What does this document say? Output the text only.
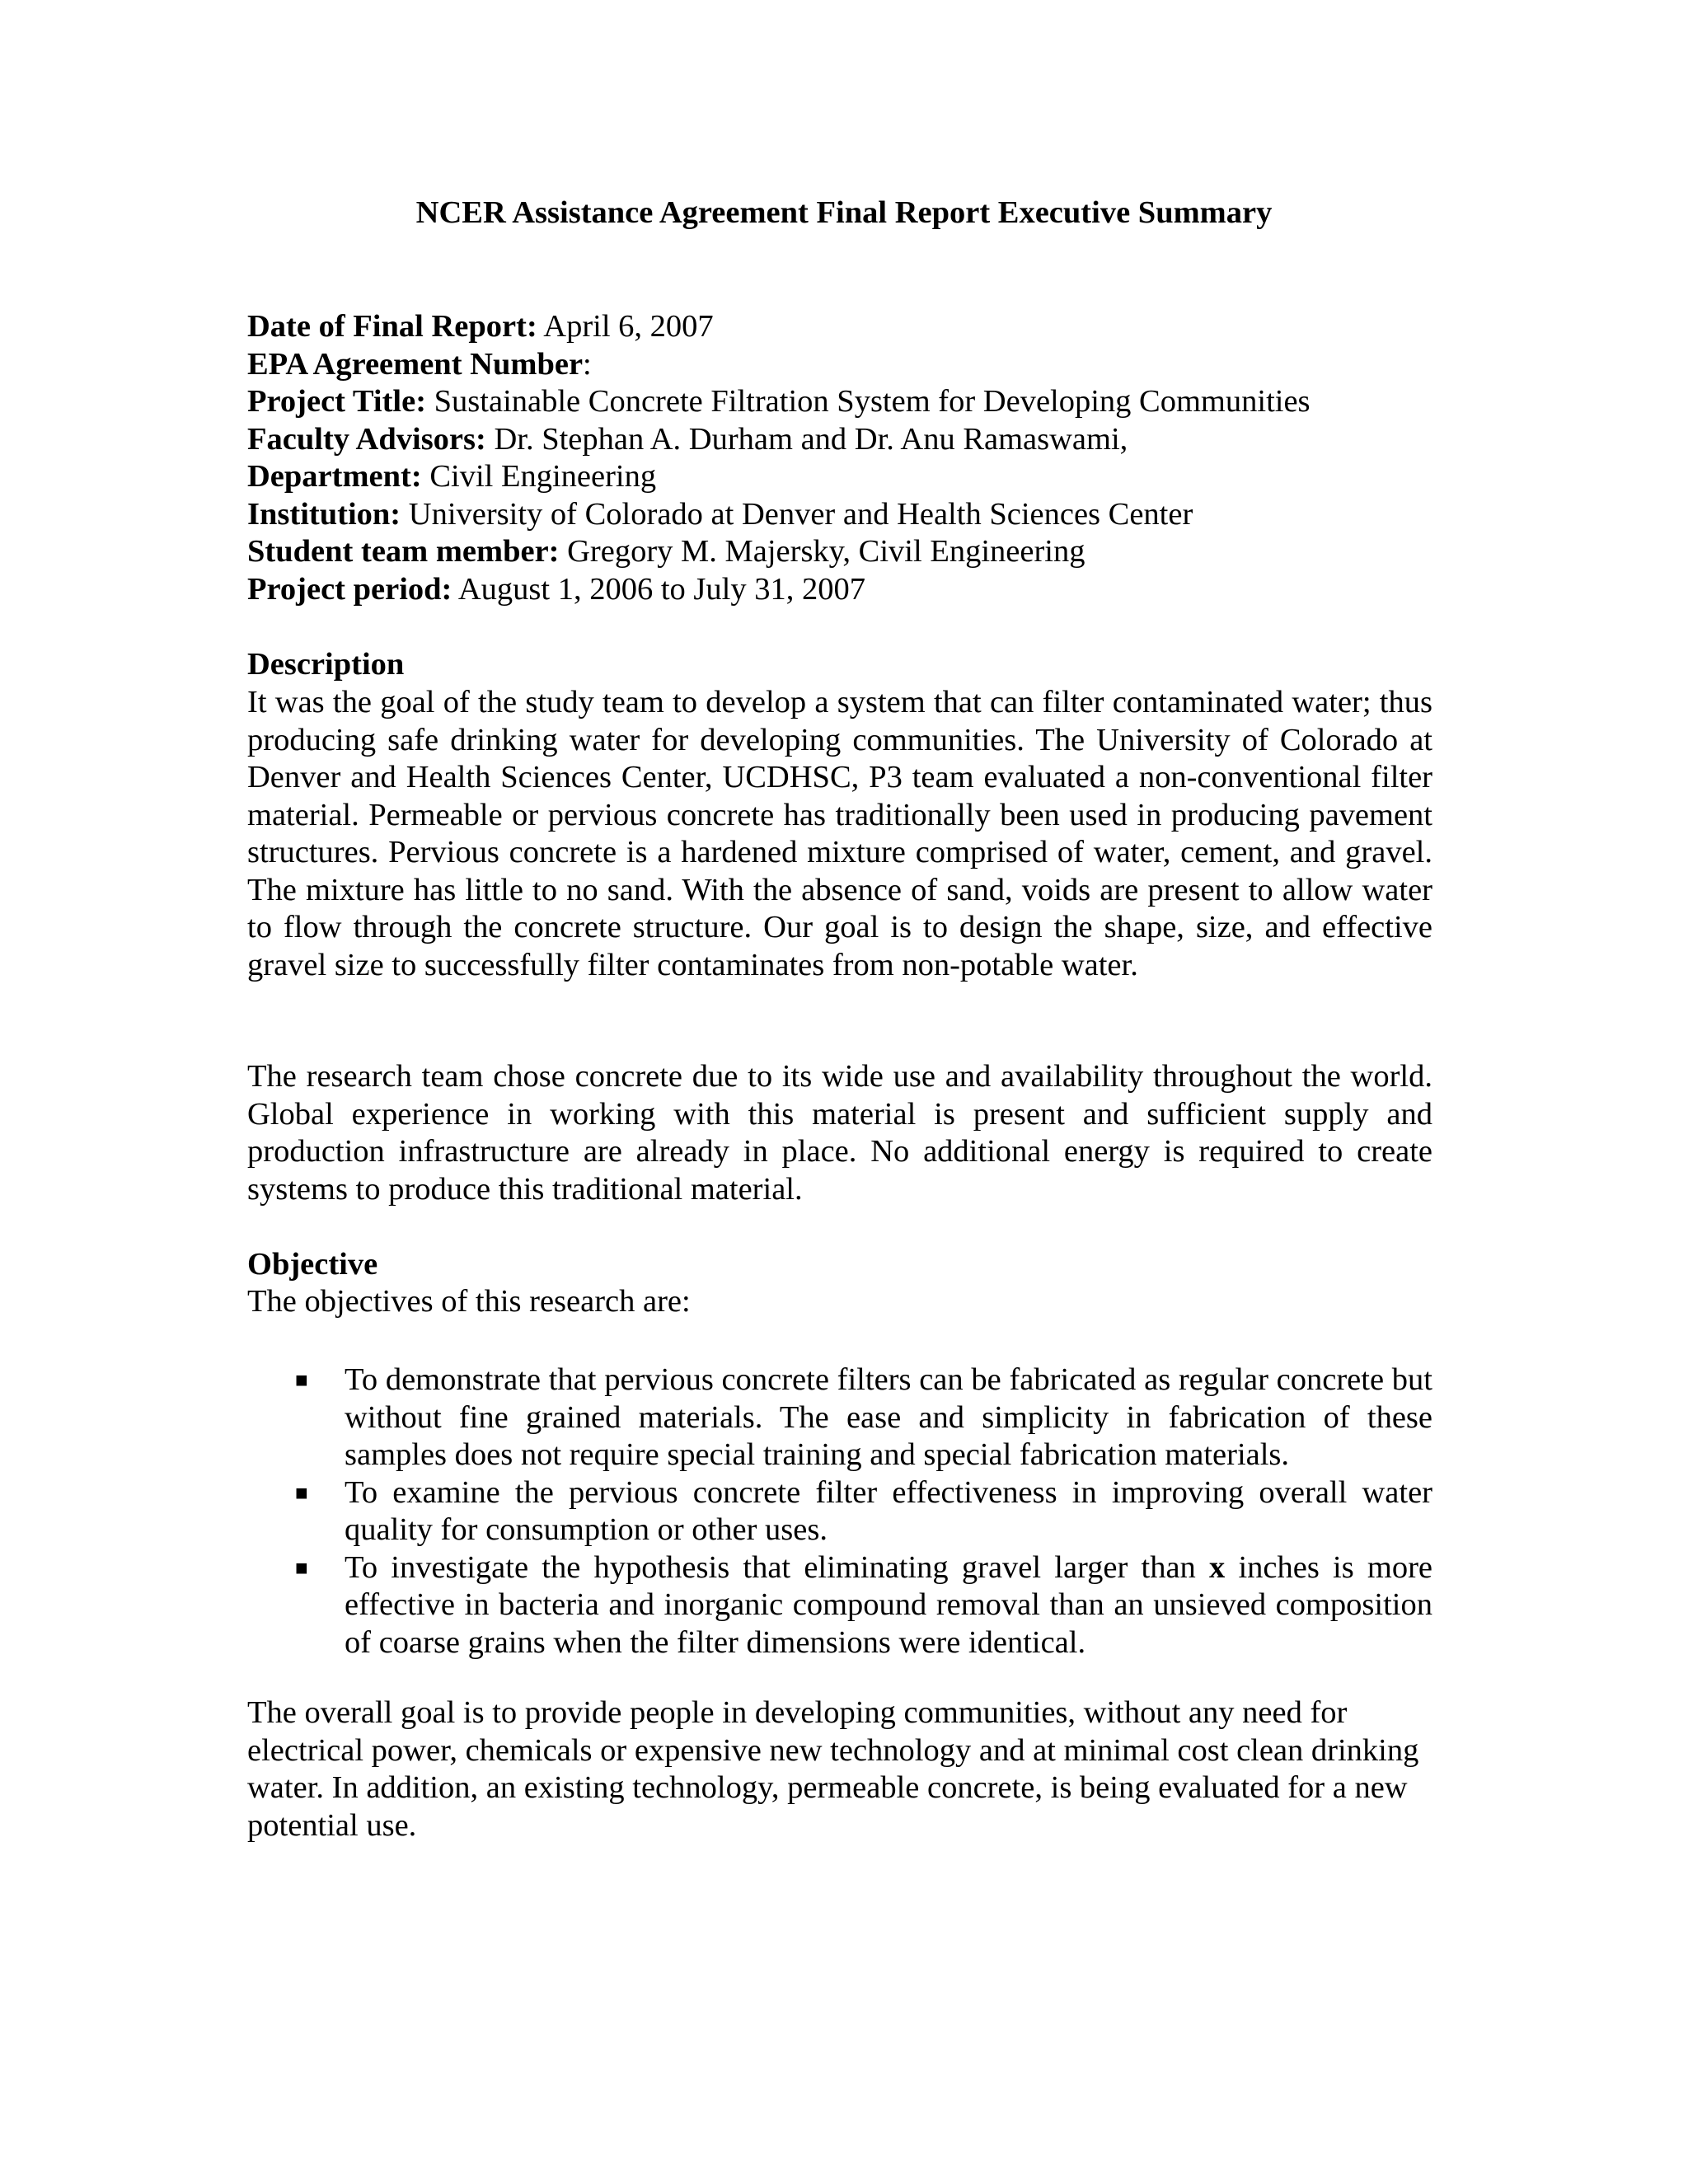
NCER Assistance Agreement Final Report Executive Summary
Date of Final Report: April 6, 2007
EPA Agreement Number:
Project Title: Sustainable Concrete Filtration System for Developing Communities
Faculty Advisors: Dr. Stephan A. Durham and Dr. Anu Ramaswami,
Department: Civil Engineering
Institution: University of Colorado at Denver and Health Sciences Center
Student team member: Gregory M. Majersky, Civil Engineering
Project period: August 1, 2006 to July 31, 2007
Description

It was the goal of the study team to develop a system that can filter contaminated water; thus producing safe drinking water for developing communities. The University of Colorado at Denver and Health Sciences Center, UCDHSC, P3 team evaluated a non-conventional filter material. Permeable or pervious concrete has traditionally been used in producing pavement structures. Pervious concrete is a hardened mixture comprised of water, cement, and gravel. The mixture has little to no sand. With the absence of sand, voids are present to allow water to flow through the concrete structure. Our goal is to design the shape, size, and effective gravel size to successfully filter contaminates from non-potable water.

The research team chose concrete due to its wide use and availability throughout the world. Global experience in working with this material is present and sufficient supply and production infrastructure are already in place. No additional energy is required to create systems to produce this traditional material.

Objective

The objectives of this research are:

■ To demonstrate that pervious concrete filters can be fabricated as regular concrete but without fine grained materials. The ease and simplicity in fabrication of these samples does not require special training and special fabrication materials.
■ To examine the pervious concrete filter effectiveness in improving overall water quality for consumption or other uses.
■ To investigate the hypothesis that eliminating gravel larger than x inches is more effective in bacteria and inorganic compound removal than an unsieved composition of coarse grains when the filter dimensions were identical.

The overall goal is to provide people in developing communities, without any need for electrical power, chemicals or expensive new technology and at minimal cost clean drinking water. In addition, an existing technology, permeable concrete, is being evaluated for a new potential use.
